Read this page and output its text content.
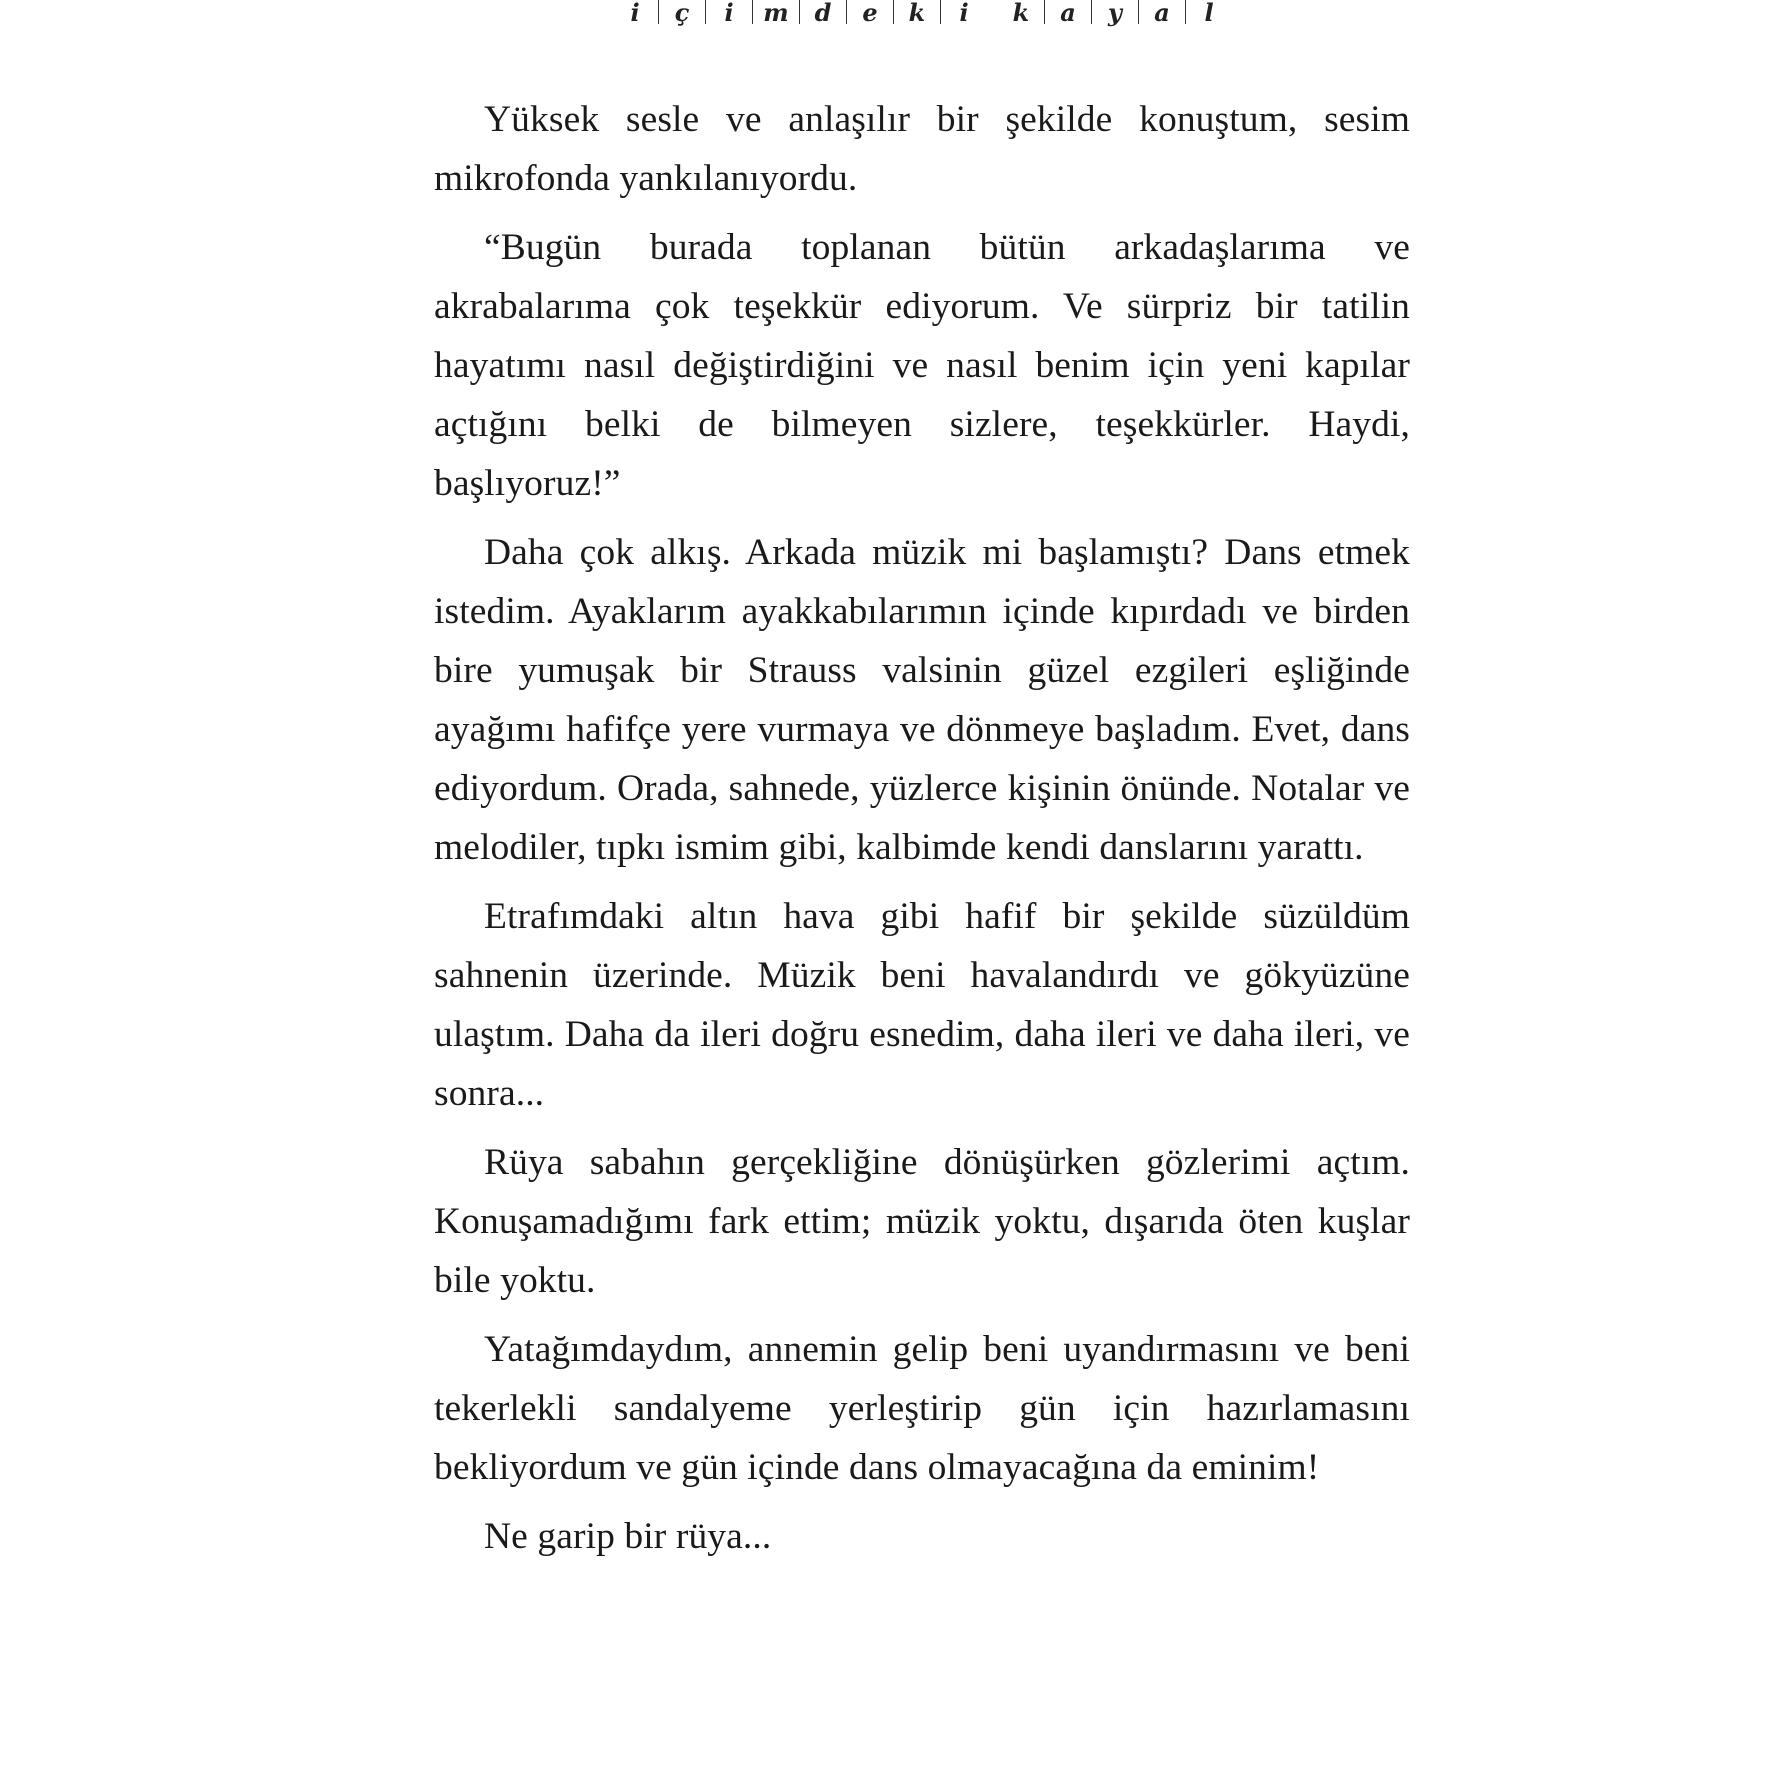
i	ç	i	m	d	e	k	i	k	a	y	a	l

Yüksek sesle ve anlaşılır bir şekilde konuştum, sesim mikrofonda yankılanıyordu.

“Bugün burada toplanan bütün arkadaşlarıma ve akrabalarıma çok teşekkür ediyorum. Ve sürpriz bir tatilin hayatımı nasıl değiştirdiğini ve nasıl benim için yeni kapılar açtığını belki de bilmeyen sizlere, teşekkürler. Haydi, başlıyoruz!”

Daha çok alkış. Arkada müzik mi başlamıştı? Dans etmek istedim. Ayaklarım ayakkabılarımın içinde kıpırdadı ve birden bire yumuşak bir Strauss valsinin güzel ezgileri eşliğinde ayağımı hafifçe yere vurmaya ve dönmeye başladım. Evet, dans ediyordum. Orada, sahnede, yüzlerce kişinin önünde. Notalar ve melodiler, tıpkı ismim gibi, kalbimde kendi danslarını yarattı.

Etrafımdaki altın hava gibi hafif bir şekilde süzüldüm sahnenin üzerinde. Müzik beni havalandırdı ve gökyüzüne ulaştım. Daha da ileri doğru esnedim, daha ileri ve daha ileri, ve sonra...

Rüya sabahın gerçekliğine dönüşürken gözlerimi açtım. Konuşamadığımı fark ettim; müzik yoktu, dışarıda öten kuşlar bile yoktu.

Yatağımdaydım, annemin gelip beni uyandırmasını ve beni tekerlekli sandalyeme yerleştirip gün için hazırlamasını bekliyordum ve gün içinde dans olmayacağına da eminim!

Ne garip bir rüya...
